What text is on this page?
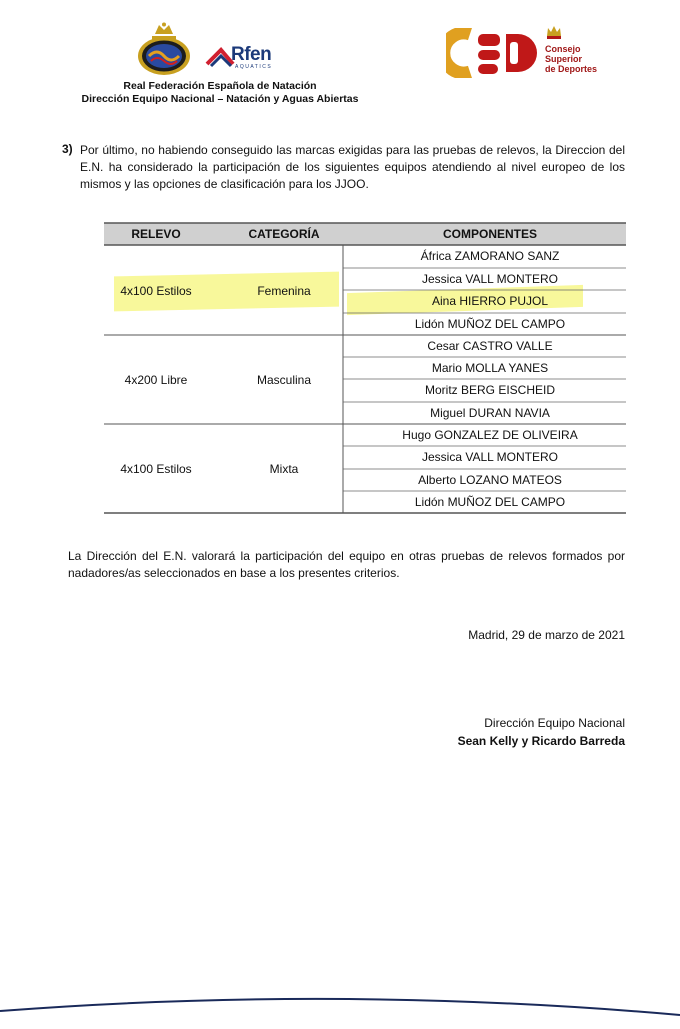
Rfen
AQUATICS
Consejo
Superior
de Deportes
Real Federación Española de Natación
Dirección Equipo Nacional – Natación y Aguas Abiertas
3) Por último, no habiendo conseguido las marcas exigidas para las pruebas de relevos, la Direccion del E.N. ha considerado la participación de los siguientes equipos atendiendo al nivel europeo de los mismos y las opciones de clasificación para los JJOO.
RELEVO	CATEGORÍA	COMPONENTES
4x100 Estilos	Femenina
África ZAMORANO SANZ
Jessica VALL MONTERO
Aina HIERRO PUJOL
Lidón MUÑOZ DEL CAMPO
4x200 Libre	Masculina
Cesar CASTRO VALLE
Mario MOLLA YANES
Moritz BERG EISCHEID
Miguel DURAN NAVIA
4x100 Estilos	Mixta
Hugo GONZALEZ DE OLIVEIRA
Jessica VALL MONTERO
Alberto LOZANO MATEOS
Lidón MUÑOZ DEL CAMPO
La Dirección del E.N. valorará la participación del equipo en otras pruebas de relevos formados por nadadores/as seleccionados en base a los presentes criterios.
Madrid, 29 de marzo de 2021
Dirección Equipo Nacional
Sean Kelly y Ricardo Barreda
